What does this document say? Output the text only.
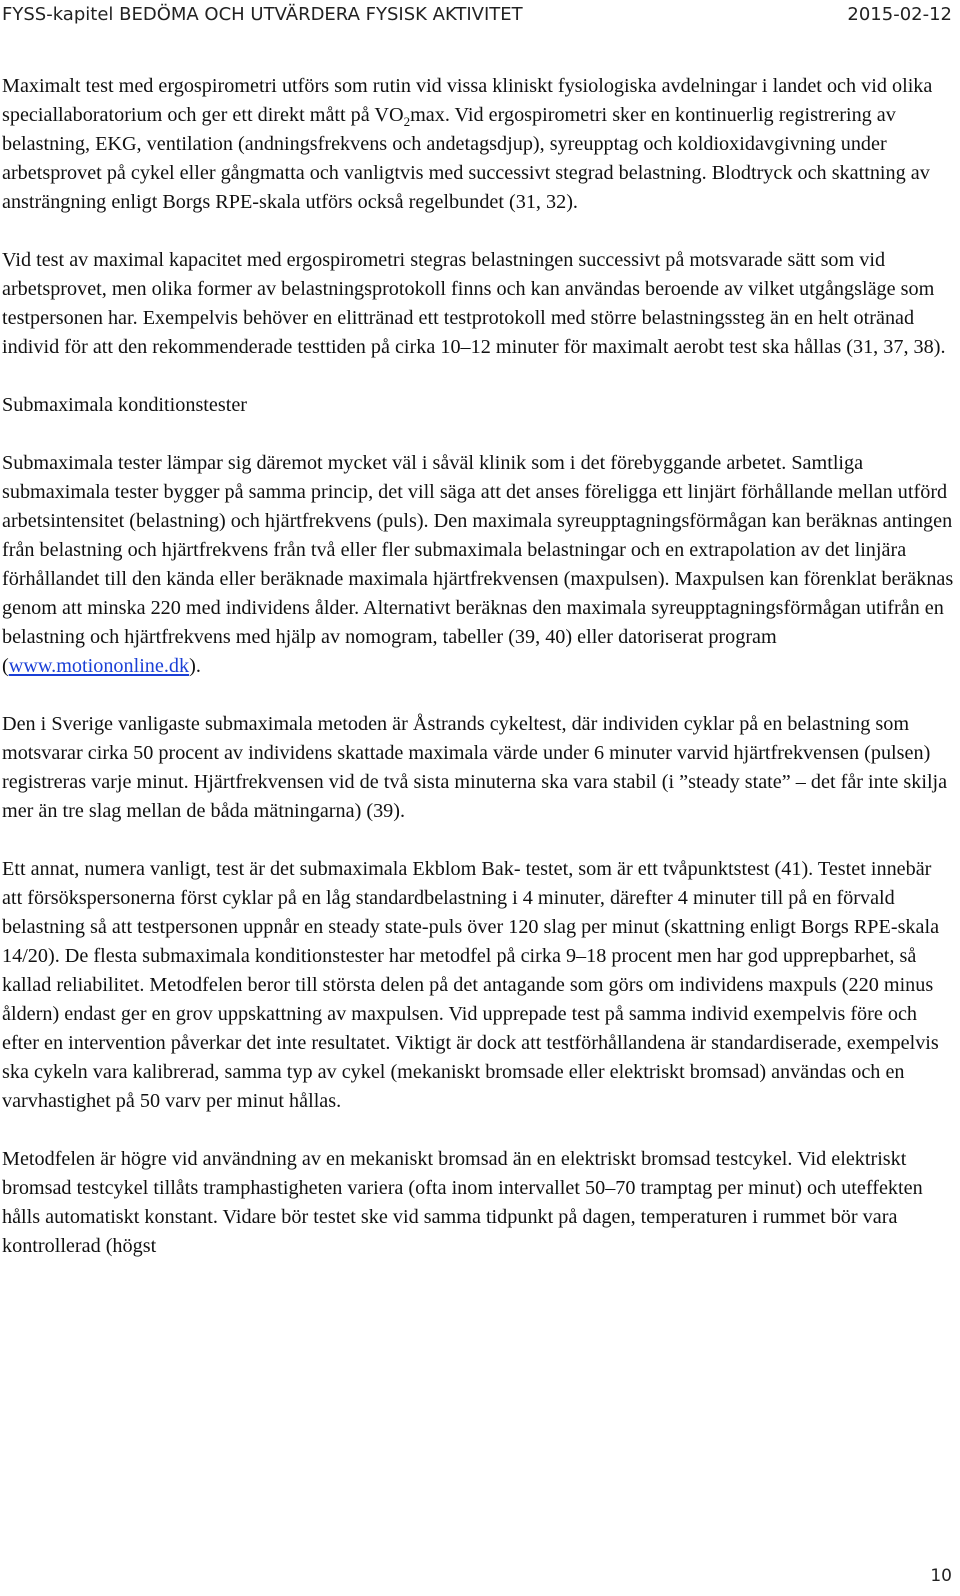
FYSS-kapitel BEDÖMA OCH UTVÄRDERA FYSISK AKTIVITET	2015-02-12

Maximalt test med ergospirometri utförs som rutin vid vissa kliniskt fysiologiska avdelningar i landet och vid olika speciallaboratorium och ger ett direkt mått på $VO_2\max$. Vid ergospirometri sker en kontinuerlig registrering av belastning, EKG, ventilation (andningsfrekvens och andetagsdjup), syreupptag och koldioxidavgivning under arbetsprovet på cykel eller gångmatta och vanligtvis med successivt stegrad belastning. Blodtryck och skattning av ansträngning enligt Borgs RPE-skala utförs också regelbundet (31, 32).

Vid test av maximal kapacitet med ergospirometri stegras belastningen successivt på motsvarade sätt som vid arbetsprovet, men olika former av belastningsprotokoll finns och kan användas beroende av vilket utgångsläge som testpersonen har. Exempelvis behöver en elittränad ett testprotokoll med större belastningssteg än en helt otränad individ för att den rekommenderade testtiden på cirka 10–12 minuter för maximalt aerobt test ska hållas (31, 37, 38).

Submaximala konditionstester

Submaximala tester lämpar sig däremot mycket väl i såväl klinik som i det förebyggande arbetet. Samtliga submaximala tester bygger på samma princip, det vill säga att det anses föreligga ett linjärt förhållande mellan utförd arbetsintensitet (belastning) och hjärtfrekvens (puls). Den maximala syreupptagningsförmågan kan beräknas antingen från belastning och hjärtfrekvens från två eller fler submaximala belastningar och en extrapolation av det linjära förhållandet till den kända eller beräknade maximala hjärtfrekvensen (maxpulsen). Maxpulsen kan förenklat beräknas genom att minska 220 med individens ålder. Alternativt beräknas den maximala syreupptagningsförmågan utifrån en belastning och hjärtfrekvens med hjälp av nomogram, tabeller (39, 40) eller datoriserat program (www.motiononline.dk).

Den i Sverige vanligaste submaximala metoden är Åstrands cykeltest, där individen cyklar på en belastning som motsvarar cirka 50 procent av individens skattade maximala värde under 6 minuter varvid hjärtfrekvensen (pulsen) registreras varje minut. Hjärtfrekvensen vid de två sista minuterna ska vara stabil (i ”steady state” – det får inte skilja mer än tre slag mellan de båda mätningarna) (39).

Ett annat, numera vanligt, test är det submaximala Ekblom Bak- testet, som är ett tvåpunktstest (41). Testet innebär att försökspersonerna först cyklar på en låg standardbelastning i 4 minuter, därefter 4 minuter till på en förvald belastning så att testpersonen uppnår en steady state-puls över 120 slag per minut (skattning enligt Borgs RPE-skala 14/20). De flesta submaximala konditionstester har metodfel på cirka 9–18 procent men har god upprepbarhet, så kallad reliabilitet. Metodfelen beror till största delen på det antagande som görs om individens maxpuls (220 minus åldern) endast ger en grov uppskattning av maxpulsen. Vid upprepade test på samma individ exempelvis före och efter en intervention påverkar det inte resultatet. Viktigt är dock att testförhållandena är standardiserade, exempelvis ska cykeln vara kalibrerad, samma typ av cykel (mekaniskt bromsade eller elektriskt bromsad) användas och en varvhastighet på 50 varv per minut hållas.

Metodfelen är högre vid användning av en mekaniskt bromsad än en elektriskt bromsad testcykel. Vid elektriskt bromsad testcykel tillåts tramphastigheten variera (ofta inom intervallet 50–70 tramptag per minut) och uteffekten hålls automatiskt konstant. Vidare bör testet ske vid samma tidpunkt på dagen, temperaturen i rummet bör vara kontrollerad (högst

10
